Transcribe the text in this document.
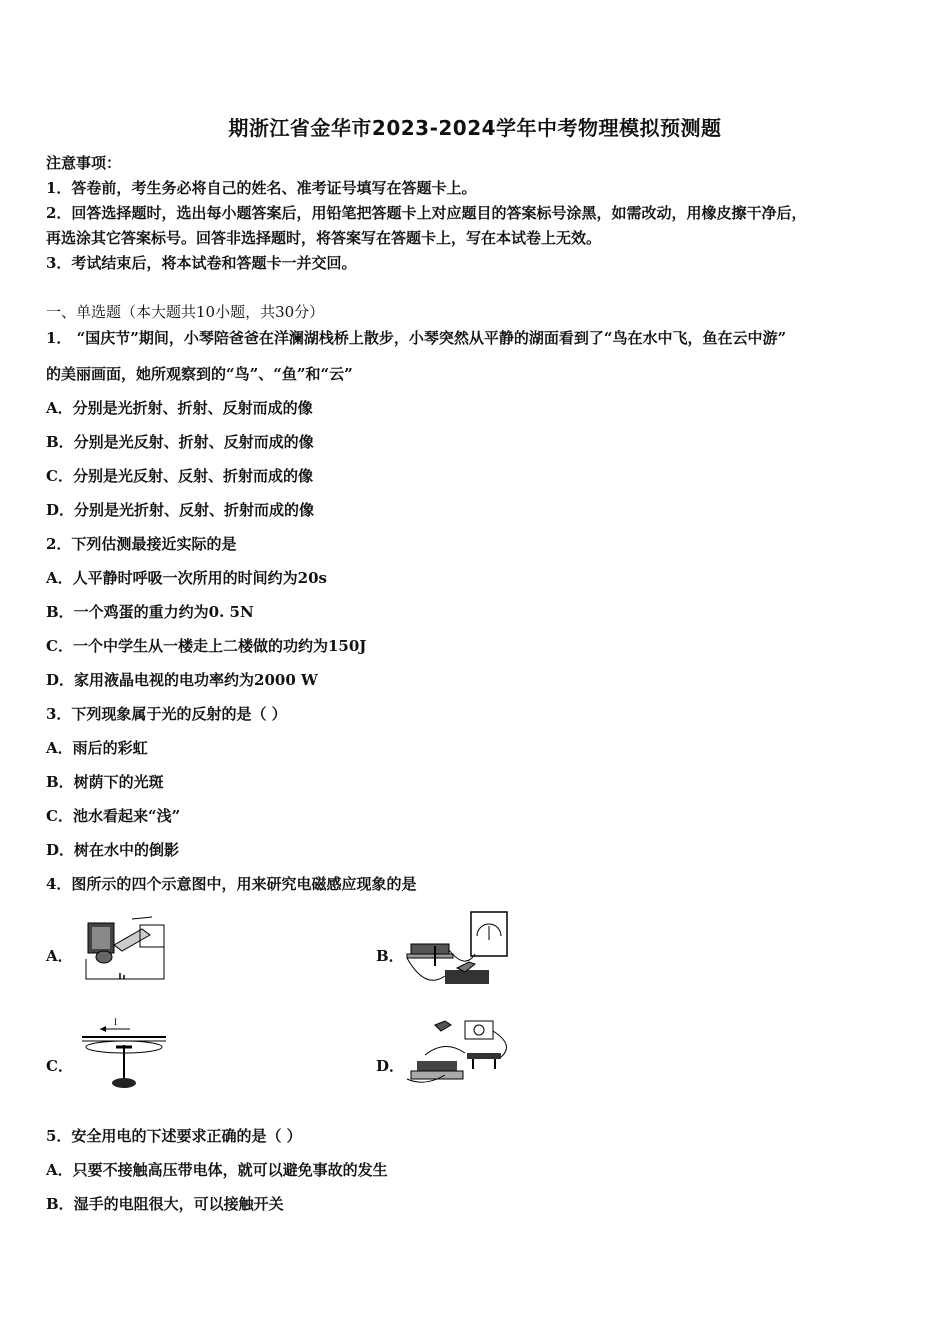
期浙江省金华市2023-2024学年中考物理模拟预测题
注意事项：
1．答卷前，考生务必将自己的姓名、准考证号填写在答题卡上。
2．回答选择题时，选出每小题答案后，用铅笔把答题卡上对应题目的答案标号涂黑，如需改动，用橡皮擦干净后，
再选涂其它答案标号。回答非选择题时，将答案写在答题卡上，写在本试卷上无效。
3．考试结束后，将本试卷和答题卡一并交回。
一、单选题（本大题共10小题，共30分）
1． “国庆节”期间，小琴陪爸爸在洋澜湖栈桥上散步，小琴突然从平静的湖面看到了“鸟在水中飞，鱼在云中游”
的美丽画面，她所观察到的“鸟”、“鱼”和“云”
A．分别是光折射、折射、反射而成的像
B．分别是光反射、折射、反射而成的像
C．分别是光反射、反射、折射而成的像
D．分别是光折射、反射、折射而成的像
2．下列估测最接近实际的是
A．人平静时呼吸一次所用的时间约为20s
B．一个鸡蛋的重力约为0. 5N
C．一个中学生从一楼走上二楼做的功约为150J
D．家用液晶电视的电功率约为2000 W
3．下列现象属于光的反射的是（ ）
A．雨后的彩虹
B．树荫下的光斑
C．池水看起来“浅”
D．树在水中的倒影
4．图所示的四个示意图中，用来研究电磁感应现象的是
A．	B．
C．
I
D．
5．安全用电的下述要求正确的是（ ）
A．只要不接触高压带电体，就可以避免事故的发生
B．湿手的电阻很大，可以接触开关
